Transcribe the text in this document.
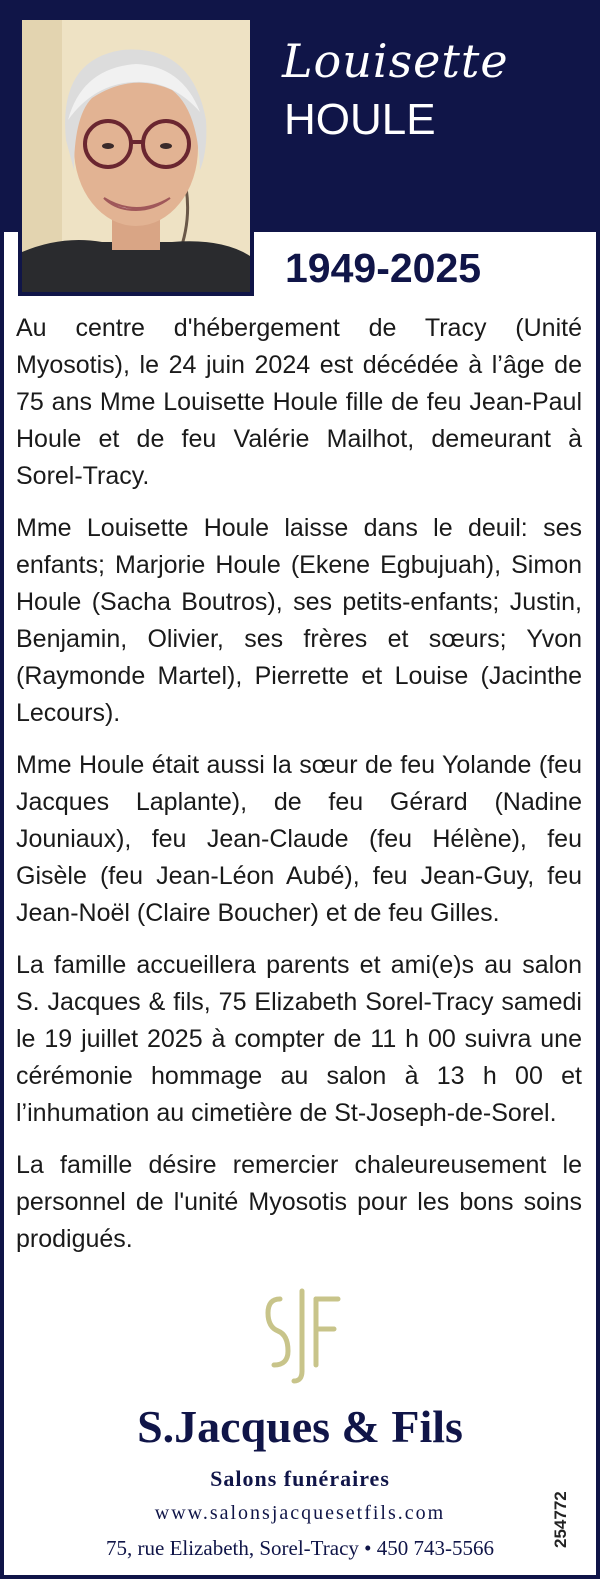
Louisette
HOULE
1949-2025

Au centre d'hébergement de Tracy (Unité Myosotis), le 24 juin 2024 est décédée à l’âge de 75 ans Mme Louisette Houle fille de feu Jean-Paul Houle et de feu Valérie Mailhot, demeurant à Sorel-Tracy.

Mme Louisette Houle laisse dans le deuil: ses enfants; Marjorie Houle (Ekene Egbujuah), Simon Houle (Sacha Boutros), ses petits-enfants; Justin, Benjamin, Olivier, ses frères et sœurs; Yvon (Raymonde Martel), Pierrette et Louise (Jacinthe Lecours).

Mme Houle était aussi la sœur de feu Yolande (feu Jacques Laplante), de feu Gérard (Nadine Jouniaux), feu Jean-Claude (feu Hélène), feu Gisèle (feu Jean-Léon Aubé), feu Jean-Guy, feu Jean-Noël (Claire Boucher) et de feu Gilles.

La famille accueillera parents et ami(e)s au salon S. Jacques & fils, 75 Elizabeth Sorel-Tracy samedi le 19 juillet 2025 à compter de 11 h 00 suivra une cérémonie hommage au salon à 13 h 00 et l’inhumation au cimetière de St-Joseph-de-Sorel.

La famille désire remercier chaleureusement le personnel de l'unité Myosotis pour les bons soins prodigués.

S.Jacques & Fils
Salons funéraires
www.salonsjacquesetfils.com
75, rue Elizabeth, Sorel-Tracy • 450 743-5566	254772
